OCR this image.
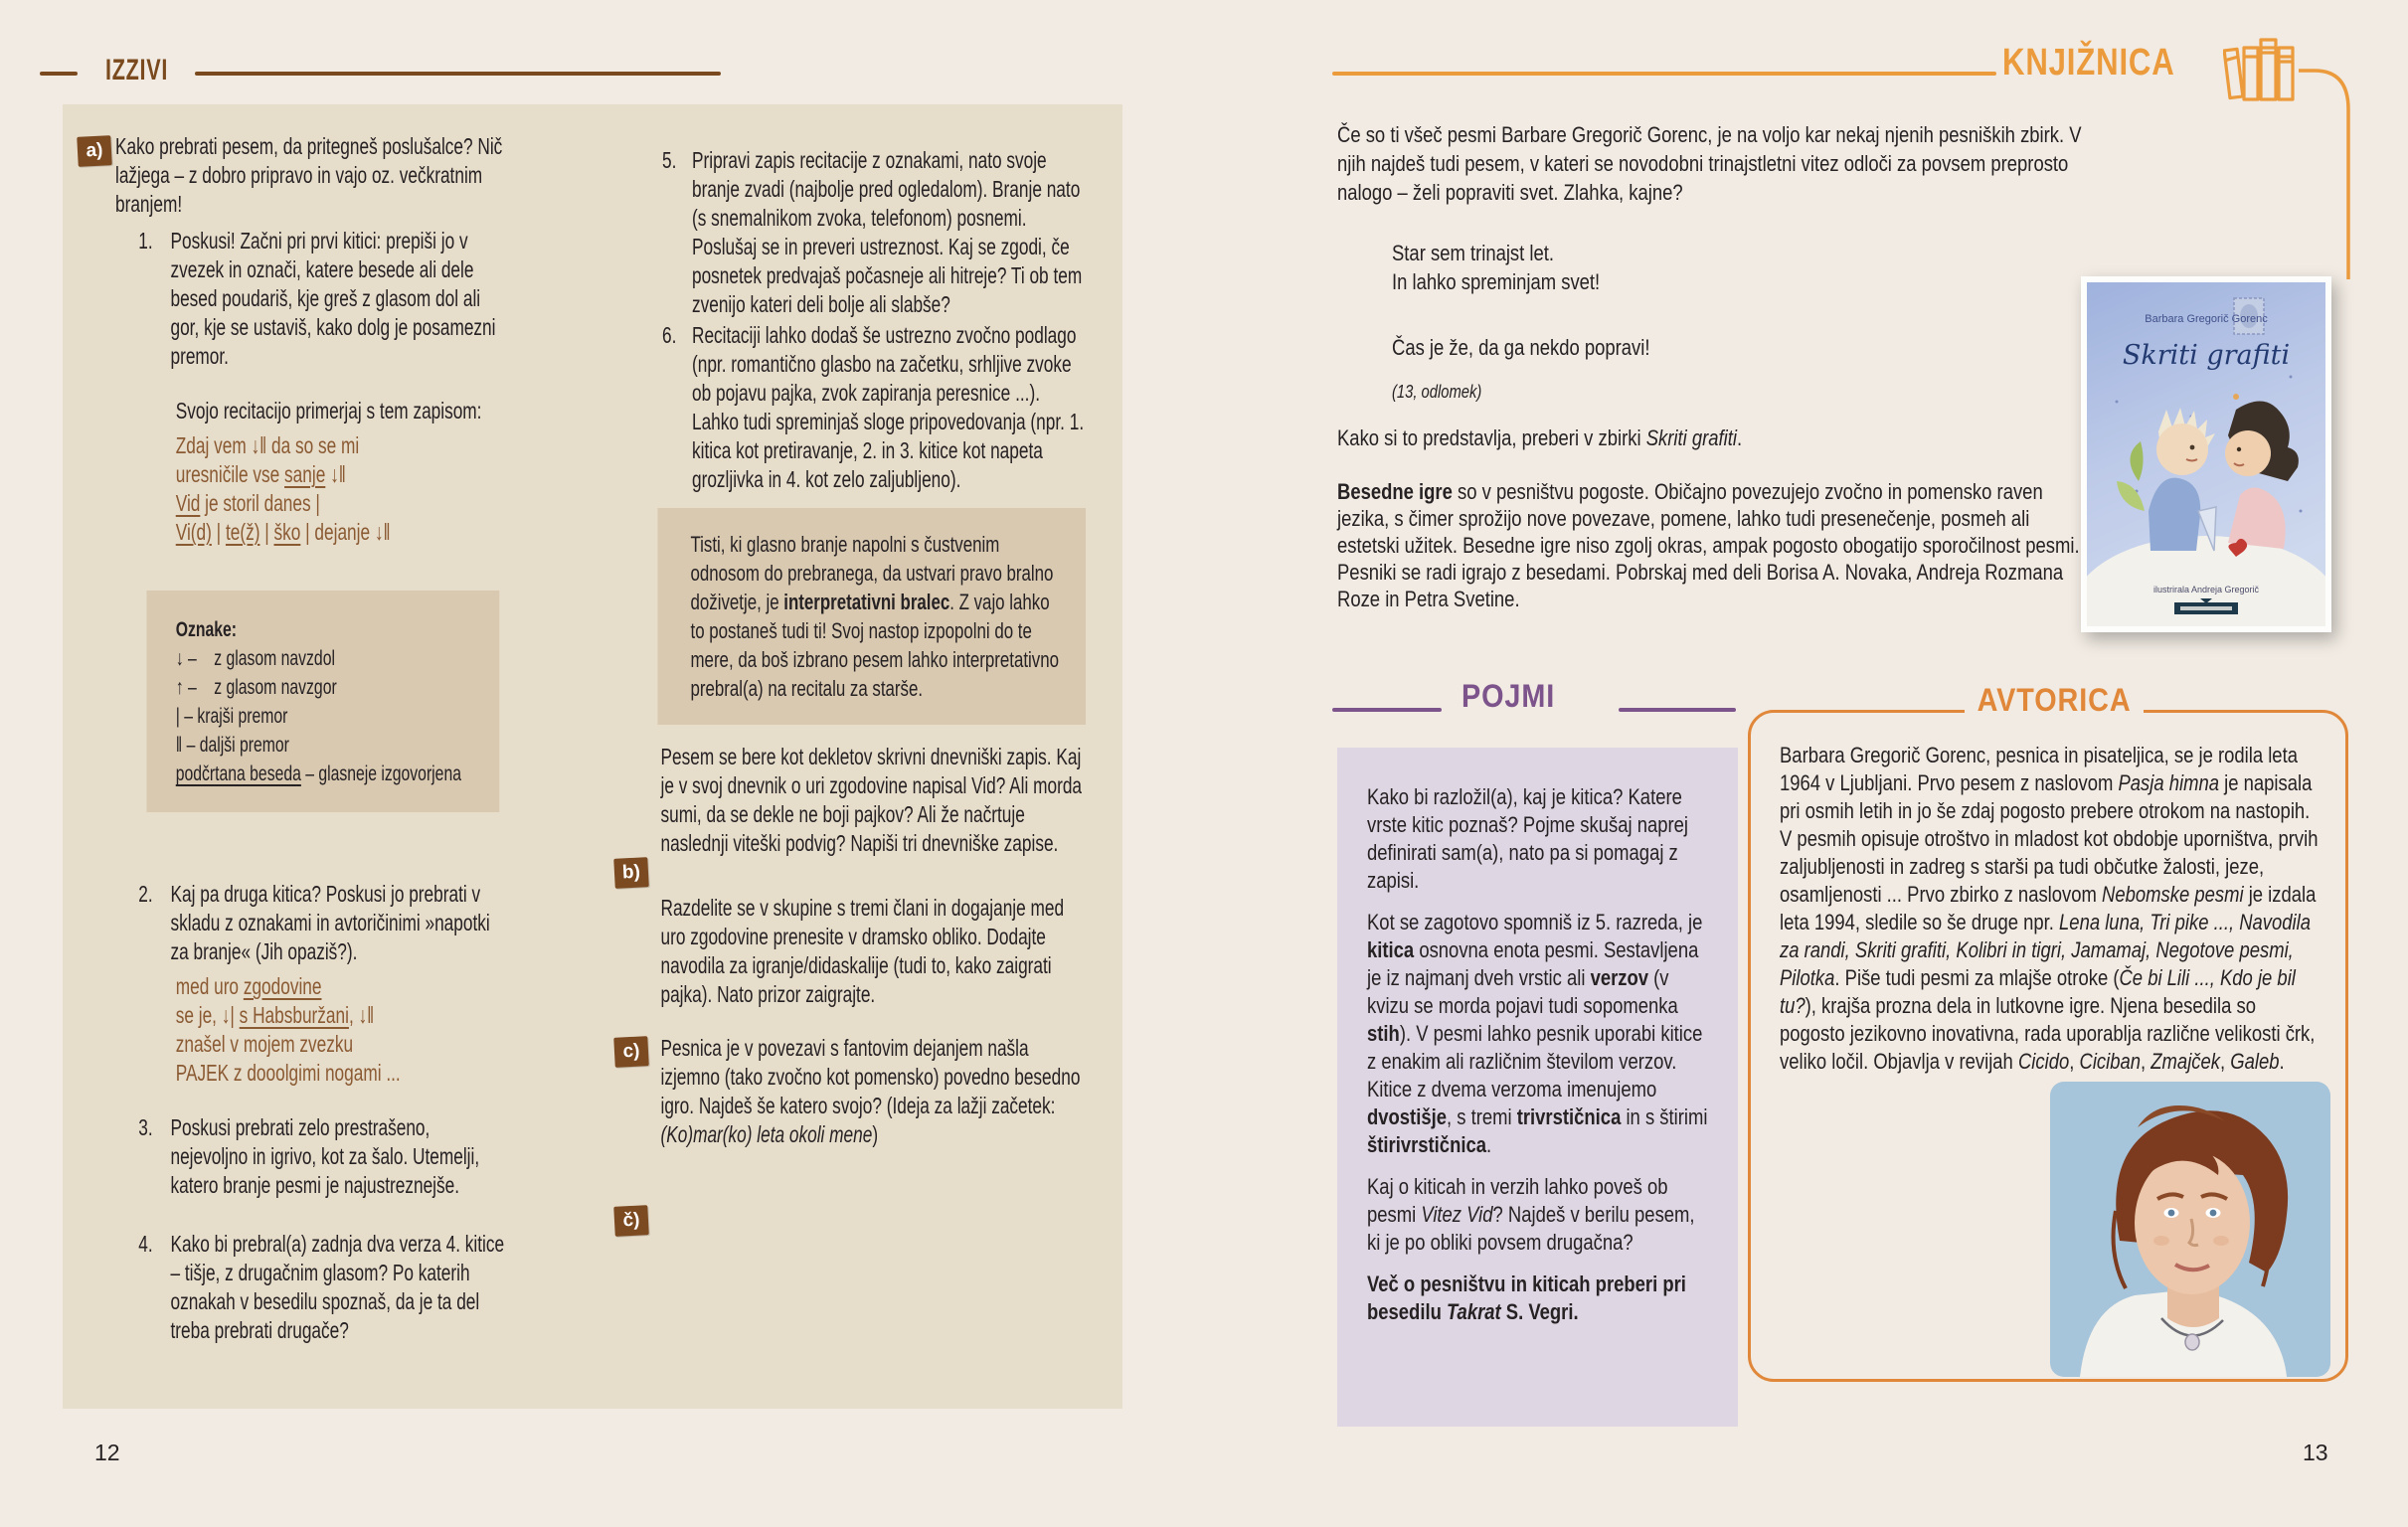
IZZIVI
a)
b)
c)
č)
Kako prebrati pesem, da pritegneš poslušalce? Nič lažjega – z dobro pripravo in vajo oz. večkratnim branjem!
1. Poskusi! Začni pri prvi kitici: prepiši jo v zvezek in označi, katere besede ali dele besed poudariš, kje greš z glasom dol ali gor, kje se ustaviš, kako dolg je posamezni premor.
Svojo recitacijo primerjaj s tem zapisom:
Zdaj vem ↓‖ da so se mi
uresničile vse sanje ↓‖
Vid je storil danes |
Vi(d) | te(ž) | ško | dejanje ↓‖
Oznake:
↓ –    z glasom navzdol
↑ –    z glasom navzgor
| – krajši premor
‖ – daljši premor
podčrtana beseda – glasneje izgovorjena
2. Kaj pa druga kitica? Poskusi jo prebrati v skladu z oznakami in avtoričinimi »napotki za branje« (Jih opaziš?).
med uro zgodovine
se je, ↓| s Habsburžani, ↓‖
znašel v mojem zvezku
PAJEK z dooolgimi nogami ...
3. Poskusi prebrati zelo prestrašeno, nejevoljno in igrivo, kot za šalo. Utemelji, katero branje pesmi je najustreznejše.
4. Kako bi prebral(a) zadnja dva verza 4. kitice – tišje, z drugačnim glasom? Po katerih oznakah v besedilu spoznaš, da je ta del treba prebrati drugače?
5. Pripravi zapis recitacije z oznakami, nato svoje branje zvadi (najbolje pred ogledalom). Branje nato (s snemalnikom zvoka, telefonom) posnemi. Poslušaj se in preveri ustreznost. Kaj se zgodi, če posnetek predvajaš počasneje ali hitreje? Ti ob tem zvenijo kateri deli bolje ali slabše?
6. Recitaciji lahko dodaš še ustrezno zvočno podlago (npr. romantično glasbo na začetku, srhljive zvoke ob pojavu pajka, zvok zapiranja peresnice ...). Lahko tudi spreminjaš sloge pripovedovanja (npr. 1. kitica kot pretiravanje, 2. in 3. kitice kot napeta grozljivka in 4. kot zelo zaljubljeno).
Tisti, ki glasno branje napolni s čustvenim odnosom do prebranega, da ustvari pravo bralno doživetje, je interpretativni bralec. Z vajo lahko to postaneš tudi ti! Svoj nastop izpopolni do te mere, da boš izbrano pesem lahko interpretativno prebral(a) na recitalu za starše.
Pesem se bere kot dekletov skrivni dnevniški zapis. Kaj je v svoj dnevnik o uri zgodovine napisal Vid? Ali morda sumi, da se dekle ne boji pajkov? Ali že načrtuje naslednji viteški podvig? Napiši tri dnevniške zapise.
Razdelite se v skupine s tremi člani in dogajanje med uro zgodovine prenesite v dramsko obliko. Dodajte navodila za igranje/didaskalije (tudi to, kako zaigrati pajka). Nato prizor zaigrajte.
Pesnica je v povezavi s fantovim dejanjem našla izjemno (tako zvočno kot pomensko) povedno besedno igro. Najdeš še katero svojo? (Ideja za lažji začetek: (Ko)mar(ko) leta okoli mene)
12
KNJIŽNICA
Če so ti všeč pesmi Barbare Gregorič Gorenc, je na voljo kar nekaj njenih pesniških zbirk. V njih najdeš tudi pesem, v kateri se novodobni trinajstletni vitez odloči za povsem preprosto nalogo – želi popraviti svet. Zlahka, kajne?
Star sem trinajst let.
In lahko spreminjam svet!
Čas je že, da ga nekdo popravi!
(13, odlomek)
Kako si to predstavlja, preberi v zbirki Skriti grafiti.
Besedne igre so v pesništvu pogoste. Običajno povezujejo zvočno in pomensko raven jezika, s čimer sprožijo nove povezave, pomene, lahko tudi presenečenje, posmeh ali estetski užitek. Besedne igre niso zgolj okras, ampak pogosto obogatijo sporočilnost pesmi. Pesniki se radi igrajo z besedami. Pobrskaj med deli Borisa A. Novaka, Andreja Rozmana Roze in Petra Svetine.
Barbara Gregorič Gorenc
Skriti grafiti
ilustrirala Andreja Gregorič
POJMI

Kako bi razložil(a), kaj je kitica? Katere vrste kitic poznaš? Pojme skušaj naprej definirati sam(a), nato pa si pomagaj z zapisi.

Kot se zagotovo spomniš iz 5. razreda, je kitica osnovna enota pesmi. Sestavljena je iz najmanj dveh vrstic ali verzov (v kvizu se morda pojavi tudi sopomenka stih). V pesmi lahko pesnik uporabi kitice z enakim ali različnim številom verzov. Kitice z dvema verzoma imenujemo dvostišje, s tremi trivrstičnica in s štirimi štirivrstičnica.

Kaj o kiticah in verzih lahko poveš ob pesmi Vitez Vid? Najdeš v berilu pesem, ki je po obliki povsem drugačna?

Več o pesništvu in kiticah preberi pri besedilu Takrat S. Vegri.

AVTORICA
Barbara Gregorič Gorenc, pesnica in pisateljica, se je rodila leta 1964 v Ljubljani. Prvo pesem z naslovom Pasja himna je napisala pri osmih letih in jo še zdaj pogosto prebere otrokom na nastopih. V pesmih opisuje otroštvo in mladost kot obdobje uporništva, prvih zaljubljenosti in zadreg s starši pa tudi občutke žalosti, jeze, osamljenosti ... Prvo zbirko z naslovom Nebomske pesmi je izdala leta 1994, sledile so še druge npr. Lena luna, Tri pike ..., Navodila za randi, Skriti grafiti, Kolibri in tigri, Jamamaj, Negotove pesmi, Pilotka. Piše tudi pesmi za mlajše otroke (Če bi Lili ..., Kdo je bil tu?), krajša prozna dela in lutkovne igre. Njena besedila so pogosto jezikovno inovativna, rada uporablja različne velikosti črk, veliko ločil. Objavlja v revijah Cicido, Ciciban, Zmajček, Galeb.
13
